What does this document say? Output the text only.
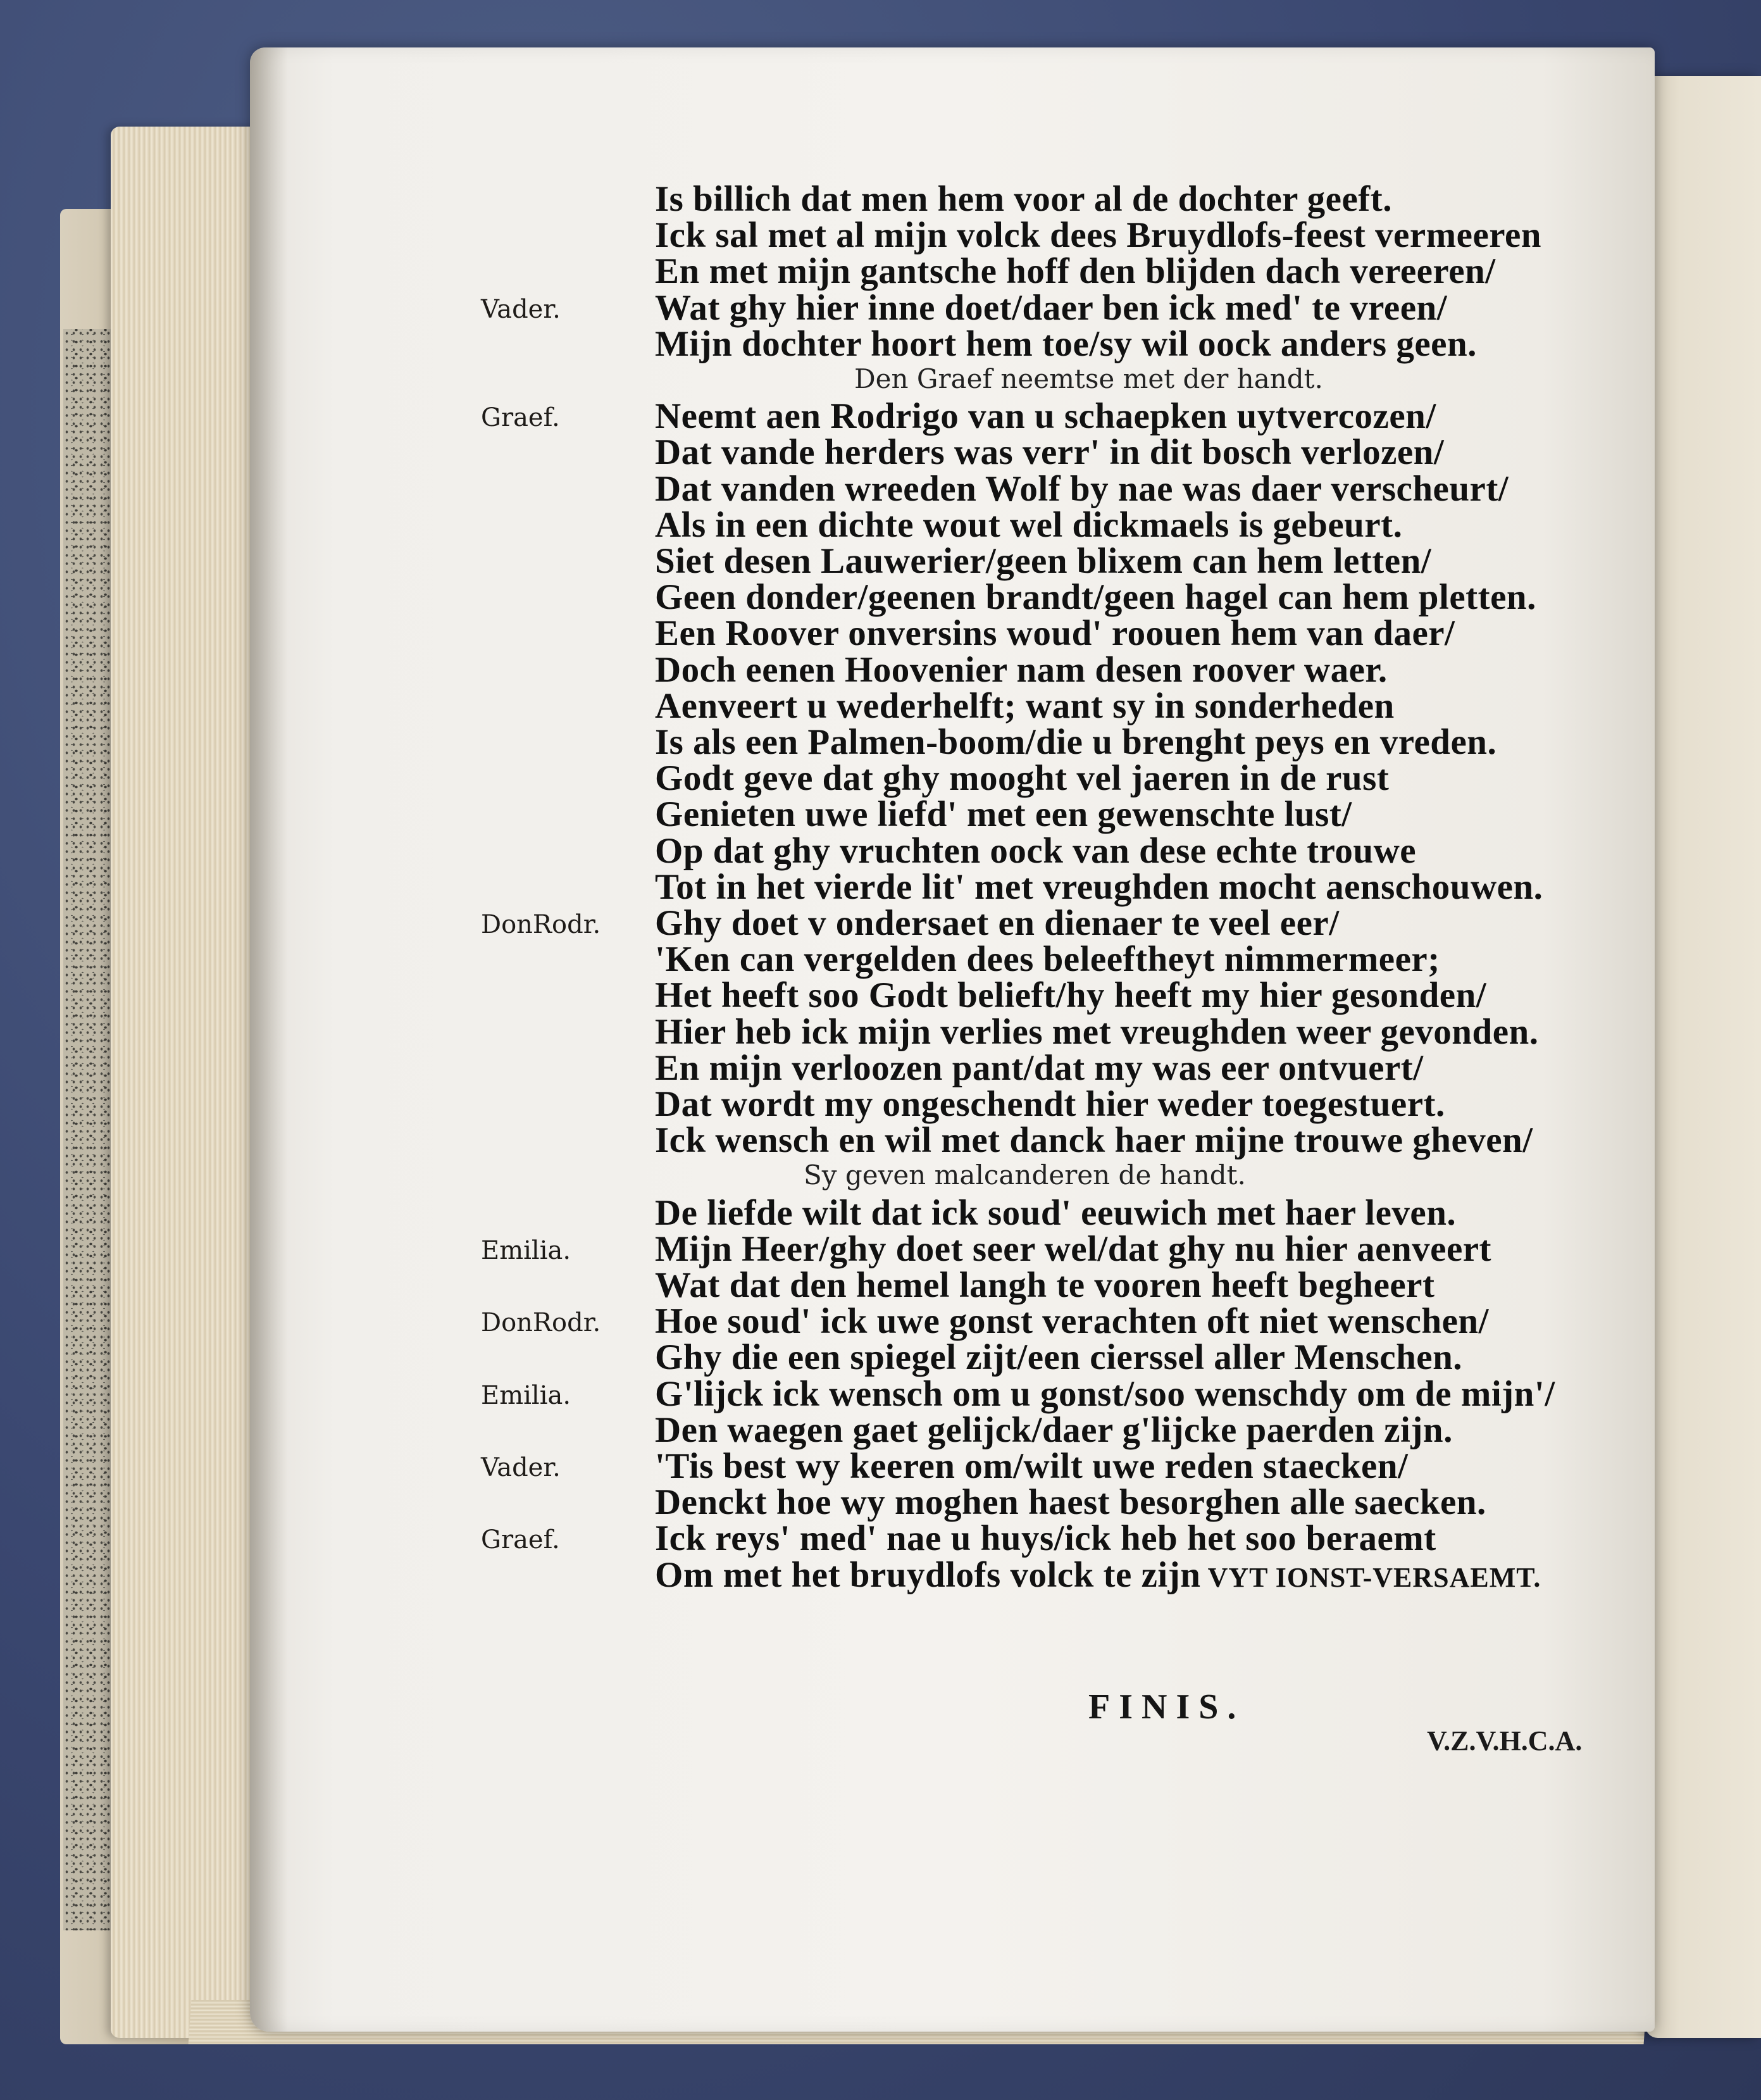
Is billich dat men hem voor al de dochter geeft.
Ick sal met al mijn volck dees Bruydlofs-feest vermeeren
En met mijn gantsche hoff den blijden dach vereeren/
Vader.	Wat ghy hier inne doet/daer ben ick med' te vreen/
Mijn dochter hoort hem toe/sy wil oock anders geen.
Den Graef neemtse met der handt.
Graef.	Neemt aen Rodrigo van u schaepken uytvercozen/
Dat vande herders was verr' in dit bosch verlozen/
Dat vanden wreeden Wolf by nae was daer verscheurt/
Als in een dichte wout wel dickmaels is gebeurt.
Siet desen Lauwerier/geen blixem can hem letten/
Geen donder/geenen brandt/geen hagel can hem pletten.
Een Roover onversins woud' roouen hem van daer/
Doch eenen Hoovenier nam desen roover waer.
Aenveert u wederhelft; want sy in sonderheden
Is als een Palmen-boom/die u brenght peys en vreden.
Godt geve dat ghy mooght vel jaeren in de rust
Genieten uwe liefd' met een gewenschte lust/
Op dat ghy vruchten oock van dese echte trouwe
Tot in het vierde lit' met vreughden mocht aenschouwen.
DonRodr.	Ghy doet v ondersaet en dienaer te veel eer/
'Ken can vergelden dees beleeftheyt nimmermeer;
Het heeft soo Godt belieft/hy heeft my hier gesonden/
Hier heb ick mijn verlies met vreughden weer gevonden.
En mijn verloozen pant/dat my was eer ontvuert/
Dat wordt my ongeschendt hier weder toegestuert.
Ick wensch en wil met danck haer mijne trouwe gheven/
Sy geven malcanderen de handt.
De liefde wilt dat ick soud' eeuwich met haer leven.
Emilia.	Mijn Heer/ghy doet seer wel/dat ghy nu hier aenveert
Wat dat den hemel langh te vooren heeft begheert
DonRodr.	Hoe soud' ick uwe gonst verachten oft niet wenschen/
Ghy die een spiegel zijt/een cierssel aller Menschen.
Emilia.	G'lijck ick wensch om u gonst/soo wenschdy om de mijn'/
Den waegen gaet gelijck/daer g'lijcke paerden zijn.
Vader.	'Tis best wy keeren om/wilt uwe reden staecken/
Denckt hoe wy moghen haest besorghen alle saecken.
Graef.	Ick reys' med' nae u huys/ick heb het soo beraemt
Om met het bruydlofs volck te zijn VYT IONST-VERSAEMT.
FINIS.
V.Z.V.H.C.A.
